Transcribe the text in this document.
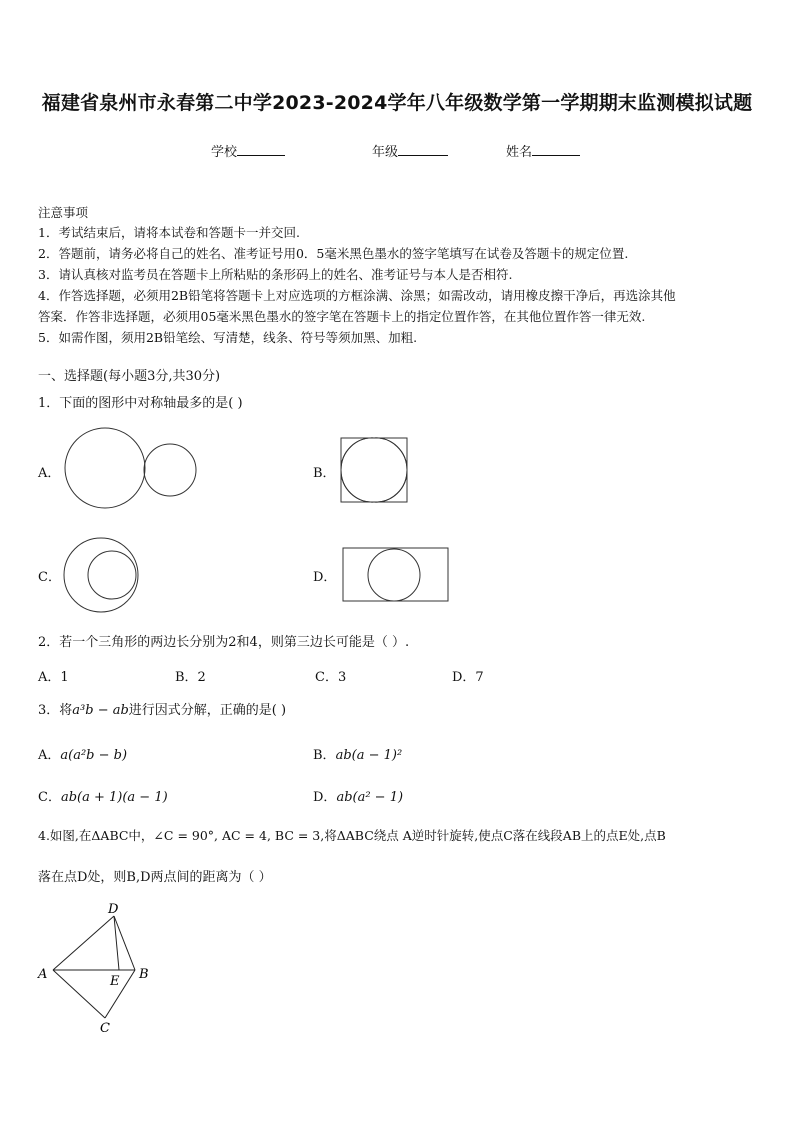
福建省泉州市永春第二中学2023-2024学年八年级数学第一学期期末监测模拟试题
学校	年级	姓名
注意事项
1．考试结束后，请将本试卷和答题卡一并交回.
2．答题前，请务必将自己的姓名、准考证号用0．5毫米黑色墨水的签字笔填写在试卷及答题卡的规定位置.
3．请认真核对监考员在答题卡上所粘贴的条形码上的姓名、准考证号与本人是否相符.
4．作答选择题，必须用2B铅笔将答题卡上对应选项的方框涂满、涂黑；如需改动，请用橡皮擦干净后，再选涂其他
答案．作答非选择题，必须用05毫米黑色墨水的签字笔在答题卡上的指定位置作答，在其他位置作答一律无效.
5．如需作图，须用2B铅笔绘、写清楚，线条、符号等须加黑、加粗.
一、选择题(每小题3分,共30分)
1．下面的图形中对称轴最多的是( )
A．	B．
C．	D．
2．若一个三角形的两边长分别为2和4，则第三边长可能是（ ）.
A．1	B．2	C．3	D．7
3．将a³b − ab进行因式分解，正确的是( )
A．a(a²b − b)	B．ab(a − 1)²
C．ab(a + 1)(a − 1)	D．ab(a² − 1)
4.如图,在ΔABC中，∠C = 90°, AC = 4, BC = 3,将ΔABC绕点 A逆时针旋转,使点C落在线段AB上的点E处,点B
落在点D处，则B,D两点间的距离为（ ）
D
A	E B
C
